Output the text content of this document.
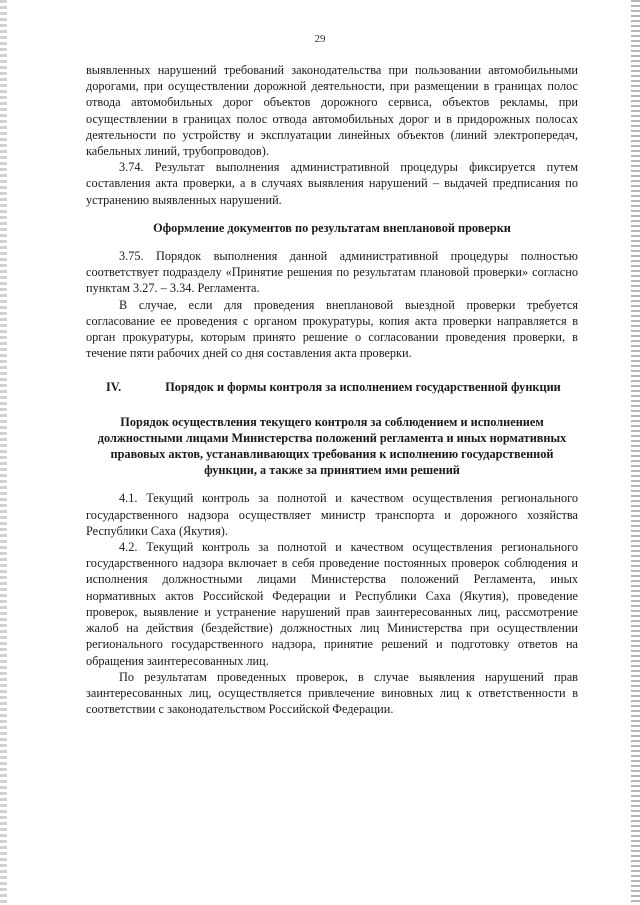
29

выявленных нарушений требований законодательства при пользовании автомобильными дорогами, при осуществлении дорожной деятельности, при размещении в границах полос отвода автомобильных дорог объектов дорожного сервиса, объектов рекламы, при осуществлении в границах полос отвода автомобильных дорог и в придорожных полосах деятельности по устройству и эксплуатации линейных объектов (линий электропередач, кабельных линий, трубопроводов).

3.74. Результат выполнения административной процедуры фиксируется путем составления акта проверки, а в случаях выявления нарушений – выдачей предписания по устранению выявленных нарушений.

Оформление документов по результатам внеплановой проверки

3.75. Порядок выполнения данной административной процедуры полностью соответствует подразделу «Принятие решения по результатам плановой проверки» согласно пунктам 3.27. – 3.34. Регламента.

В случае, если для проведения внеплановой выездной проверки требуется согласование ее проведения с органом прокуратуры, копия акта проверки направляется в орган прокуратуры, которым принято решение о согласовании проведения проверки, в течение пяти рабочих дней со дня составления акта проверки.

IV.	Порядок и формы контроля за исполнением государственной функции

Порядок осуществления текущего контроля за соблюдением и исполнением должностными лицами Министерства положений регламента и иных нормативных правовых актов, устанавливающих требования к исполнению государственной функции, а также за принятием ими решений

4.1. Текущий контроль за полнотой и качеством осуществления регионального государственного надзора осуществляет министр транспорта и дорожного хозяйства Республики Саха (Якутия).

4.2. Текущий контроль за полнотой и качеством осуществления регионального государственного надзора включает в себя проведение постоянных проверок соблюдения и исполнения должностными лицами Министерства положений Регламента, иных нормативных актов Российской Федерации и Республики Саха (Якутия), проведение проверок, выявление и устранение нарушений прав заинтересованных лиц, рассмотрение жалоб на действия (бездействие) должностных лиц Министерства при осуществлении регионального государственного надзора, принятие решений и подготовку ответов на обращения заинтересованных лиц.

По результатам проведенных проверок, в случае выявления нарушений прав заинтересованных лиц, осуществляется привлечение виновных лиц к ответственности в соответствии с законодательством Российской Федерации.
